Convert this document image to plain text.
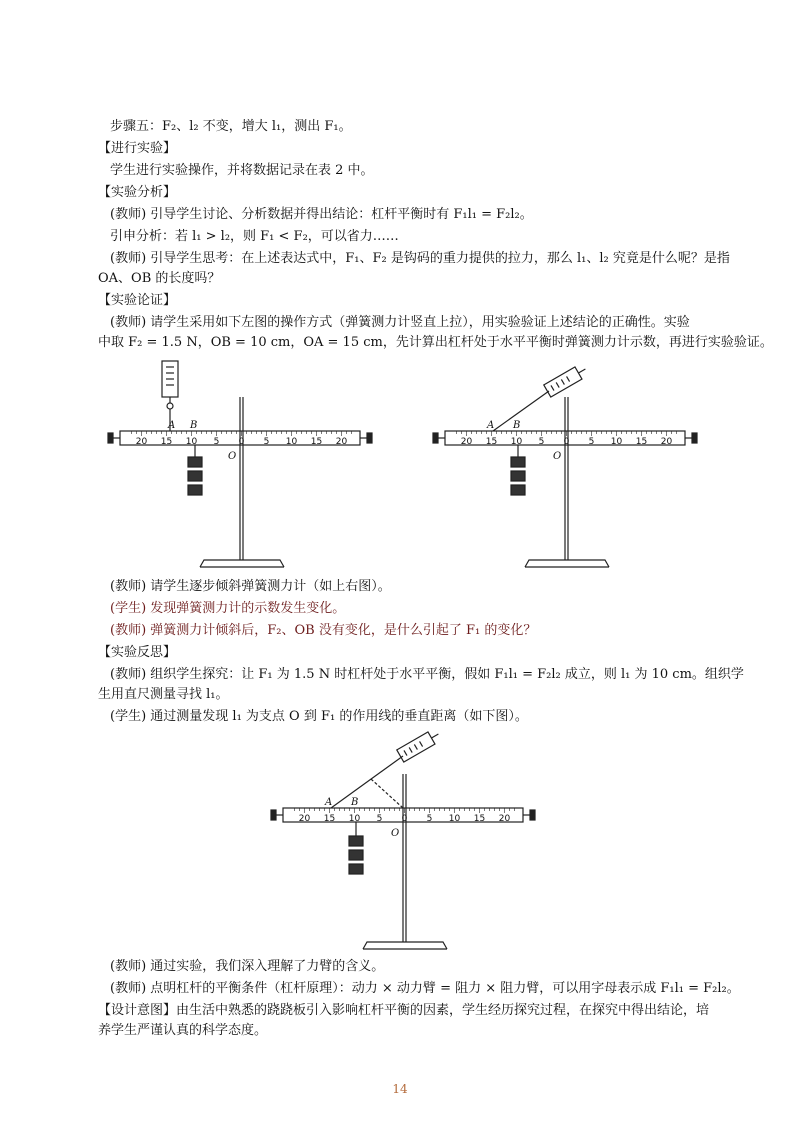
步骤五：F₂、l₂ 不变，增大 l₁，测出 F₁。
【进行实验】
学生进行实验操作，并将数据记录在表 2 中。
【实验分析】
(教师) 引导学生讨论、分析数据并得出结论：杠杆平衡时有 F₁l₁ = F₂l₂。
引申分析：若 l₁ > l₂，则 F₁ < F₂，可以省力……
(教师) 引导学生思考：在上述表达式中，F₁、F₂ 是钩码的重力提供的拉力，那么 l₁、l₂ 究竟是什么呢？是指
OA、OB 的长度吗？
【实验论证】
(教师) 请学生采用如下左图的操作方式（弹簧测力计竖直上拉），用实验验证上述结论的正确性。实验
中取 F₂ = 1.5 N，OB = 10 cm，OA = 15 cm，先计算出杠杆处于水平平衡时弹簧测力计示数，再进行实验验证。
(教师) 请学生逐步倾斜弹簧测力计（如上右图）。
(学生) 发现弹簧测力计的示数发生变化。
(教师) 弹簧测力计倾斜后，F₂、OB 没有变化，是什么引起了 F₁ 的变化？
【实验反思】
(教师) 组织学生探究：让 F₁ 为 1.5 N 时杠杆处于水平平衡，假如 F₁l₁ = F₂l₂ 成立，则 l₁ 为 10 cm。组织学
生用直尺测量寻找 l₁。
(学生) 通过测量发现 l₁ 为支点 O 到 F₁ 的作用线的垂直距离（如下图）。
(教师) 通过实验，我们深入理解了力臂的含义。
(教师) 点明杠杆的平衡条件（杠杆原理）：动力 × 动力臂 = 阻力 × 阻力臂，可以用字母表示成 F₁l₁ = F₂l₂。
【设计意图】由生活中熟悉的跷跷板引入影响杠杆平衡的因素，学生经历探究过程，在探究中得出结论，培
养学生严谨认真的科学态度。
A B
O
20 15 10 5 0 5 10 15 20
A B
O
20 15 10 5 0 5 10 15 20
A B
O
20 15 10 5 0 5 10 15 20
14
